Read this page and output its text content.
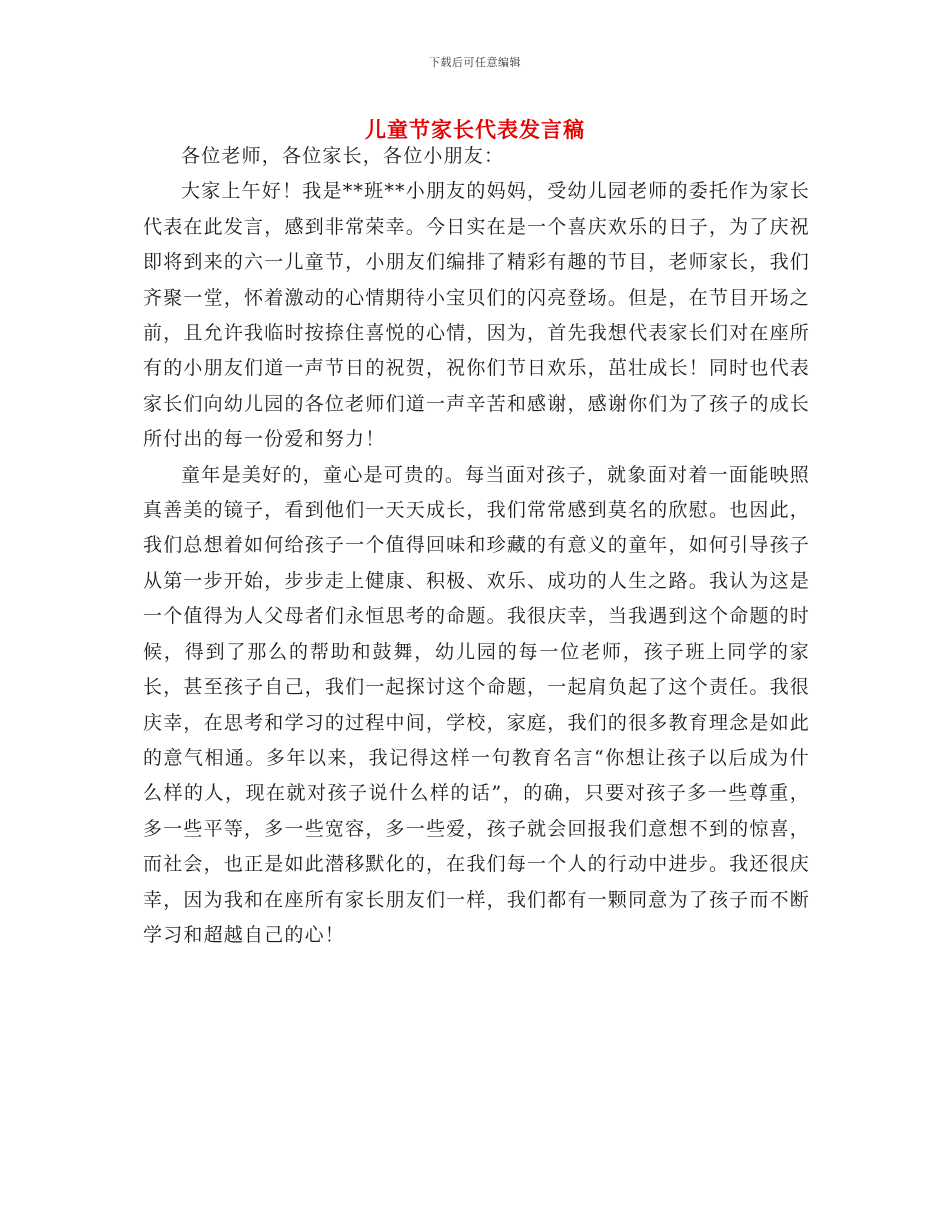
下载后可任意编辑
儿童节家长代表发言稿

各位老师，各位家长，各位小朋友：

大家上午好！我是**班**小朋友的妈妈，受幼儿园老师的委托作为家长代表在此发言，感到非常荣幸。今日实在是一个喜庆欢乐的日子，为了庆祝即将到来的六一儿童节，小朋友们编排了精彩有趣的节目，老师家长，我们齐聚一堂，怀着激动的心情期待小宝贝们的闪亮登场。但是，在节目开场之前，且允许我临时按捺住喜悦的心情，因为，首先我想代表家长们对在座所有的小朋友们道一声节日的祝贺，祝你们节日欢乐，茁壮成长！同时也代表家长们向幼儿园的各位老师们道一声辛苦和感谢，感谢你们为了孩子的成长所付出的每一份爱和努力！

童年是美好的，童心是可贵的。每当面对孩子，就象面对着一面能映照真善美的镜子，看到他们一天天成长，我们常常感到莫名的欣慰。也因此，我们总想着如何给孩子一个值得回味和珍藏的有意义的童年，如何引导孩子从第一步开始，步步走上健康、积极、欢乐、成功的人生之路。我认为这是一个值得为人父母者们永恒思考的命题。我很庆幸，当我遇到这个命题的时候，得到了那么的帮助和鼓舞，幼儿园的每一位老师，孩子班上同学的家长，甚至孩子自己，我们一起探讨这个命题，一起肩负起了这个责任。我很庆幸，在思考和学习的过程中间，学校，家庭，我们的很多教育理念是如此的意气相通。多年以来，我记得这样一句教育名言“你想让孩子以后成为什么样的人，现在就对孩子说什么样的话”，的确，只要对孩子多一些尊重，多一些平等，多一些宽容，多一些爱，孩子就会回报我们意想不到的惊喜，而社会，也正是如此潜移默化的，在我们每一个人的行动中进步。我还很庆幸，因为我和在座所有家长朋友们一样，我们都有一颗同意为了孩子而不断学习和超越自己的心！
